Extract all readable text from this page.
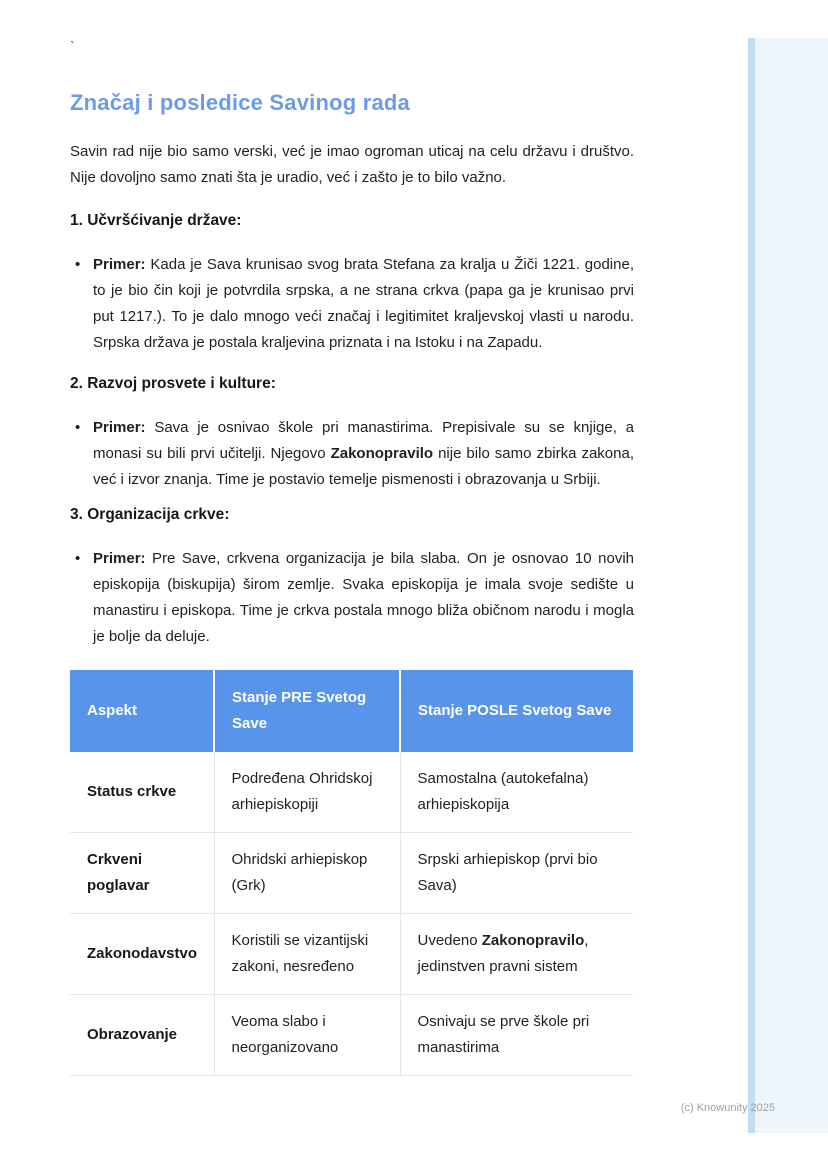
`
Značaj i posledice Savinog rada

Savin rad nije bio samo verski, već je imao ogroman uticaj na celu državu i društvo. Nije dovoljno samo znati šta je uradio, već i zašto je to bilo važno.

1. Učvršćivanje države:
• Primer: Kada je Sava krunisao svog brata Stefana za kralja u Žiči 1221. godine, to je bio čin koji je potvrdila srpska, a ne strana crkva (papa ga je krunisao prvi put 1217.). To je dalo mnogo veći značaj i legitimitet kraljevskoj vlasti u narodu. Srpska država je postala kraljevina priznata i na Istoku i na Zapadu.

2. Razvoj prosvete i kulture:
• Primer: Sava je osnivao škole pri manastirima. Prepisivale su se knjige, a monasi su bili prvi učitelji. Njegovo Zakonopravilo nije bilo samo zbirka zakona, već i izvor znanja. Time je postavio temelje pismenosti i obrazovanja u Srbiji.

3. Organizacija crkve:
• Primer: Pre Save, crkvena organizacija je bila slaba. On je osnovao 10 novih episkopija (biskupija) širom zemlje. Svaka episkopija je imala svoje sedište u manastiru i episkopa. Time je crkva postala mnogo bliža običnom narodu i mogla je bolje da deluje.

Aspekt	Stanje PRE Svetog Save	Stanje POSLE Svetog Save
Status crkve	Podređena Ohridskoj arhiepiskopiji	Samostalna (autokefalna) arhiepiskopija
Crkveni poglavar	Ohridski arhiepiskop (Grk)	Srpski arhiepiskop (prvi bio Sava)
Zakonodavstvo	Koristili se vizantijski zakoni, nesređeno	Uvedeno Zakonopravilo, jedinstven pravni sistem
Obrazovanje	Veoma slabo i neorganizovano	Osnivaju se prve škole pri manastirima
(c) Knowunity 2025
